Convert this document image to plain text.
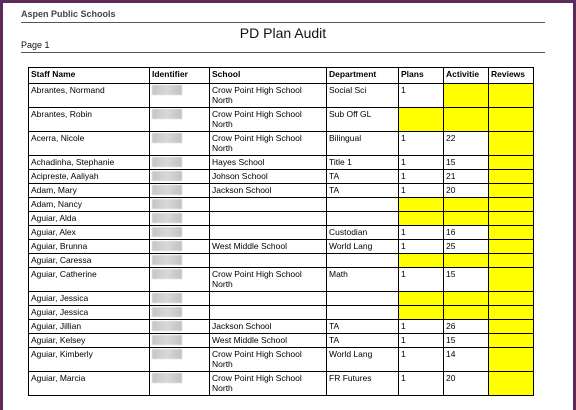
Aspen Public Schools
PD Plan Audit
Page 1
Staff Name	Identifier	School	Department	Plans	Activitie	Reviews
Abrantes, Normand		Crow Point High School North	Social Sci	1		
Abrantes, Robin		Crow Point High School North	Sub Off GL			
Acerra, Nicole		Crow Point High School North	Bilingual	1	22	
Achadinha, Stephanie		Hayes School	Title 1	1	15	
Acipreste, Aaliyah		Johson School	TA	1	21	
Adam, Mary		Jackson School	TA	1	20	
Adam, Nancy						
Aguiar, Alda						
Aguiar, Alex			Custodian	1	16	
Aguiar, Brunna		West Middle School	World Lang	1	25	
Aguiar, Caressa						
Aguiar, Catherine		Crow Point High School North	Math	1	15	
Aguiar, Jessica						
Aguiar, Jessica						
Aguiar, Jillian		Jackson School	TA	1	26	
Aguiar, Kelsey		West Middle School	TA	1	15	
Aguiar, Kimberly		Crow Point High School North	World Lang	1	14	
Aguiar, Marcia		Crow Point High School North	FR Futures	1	20	
